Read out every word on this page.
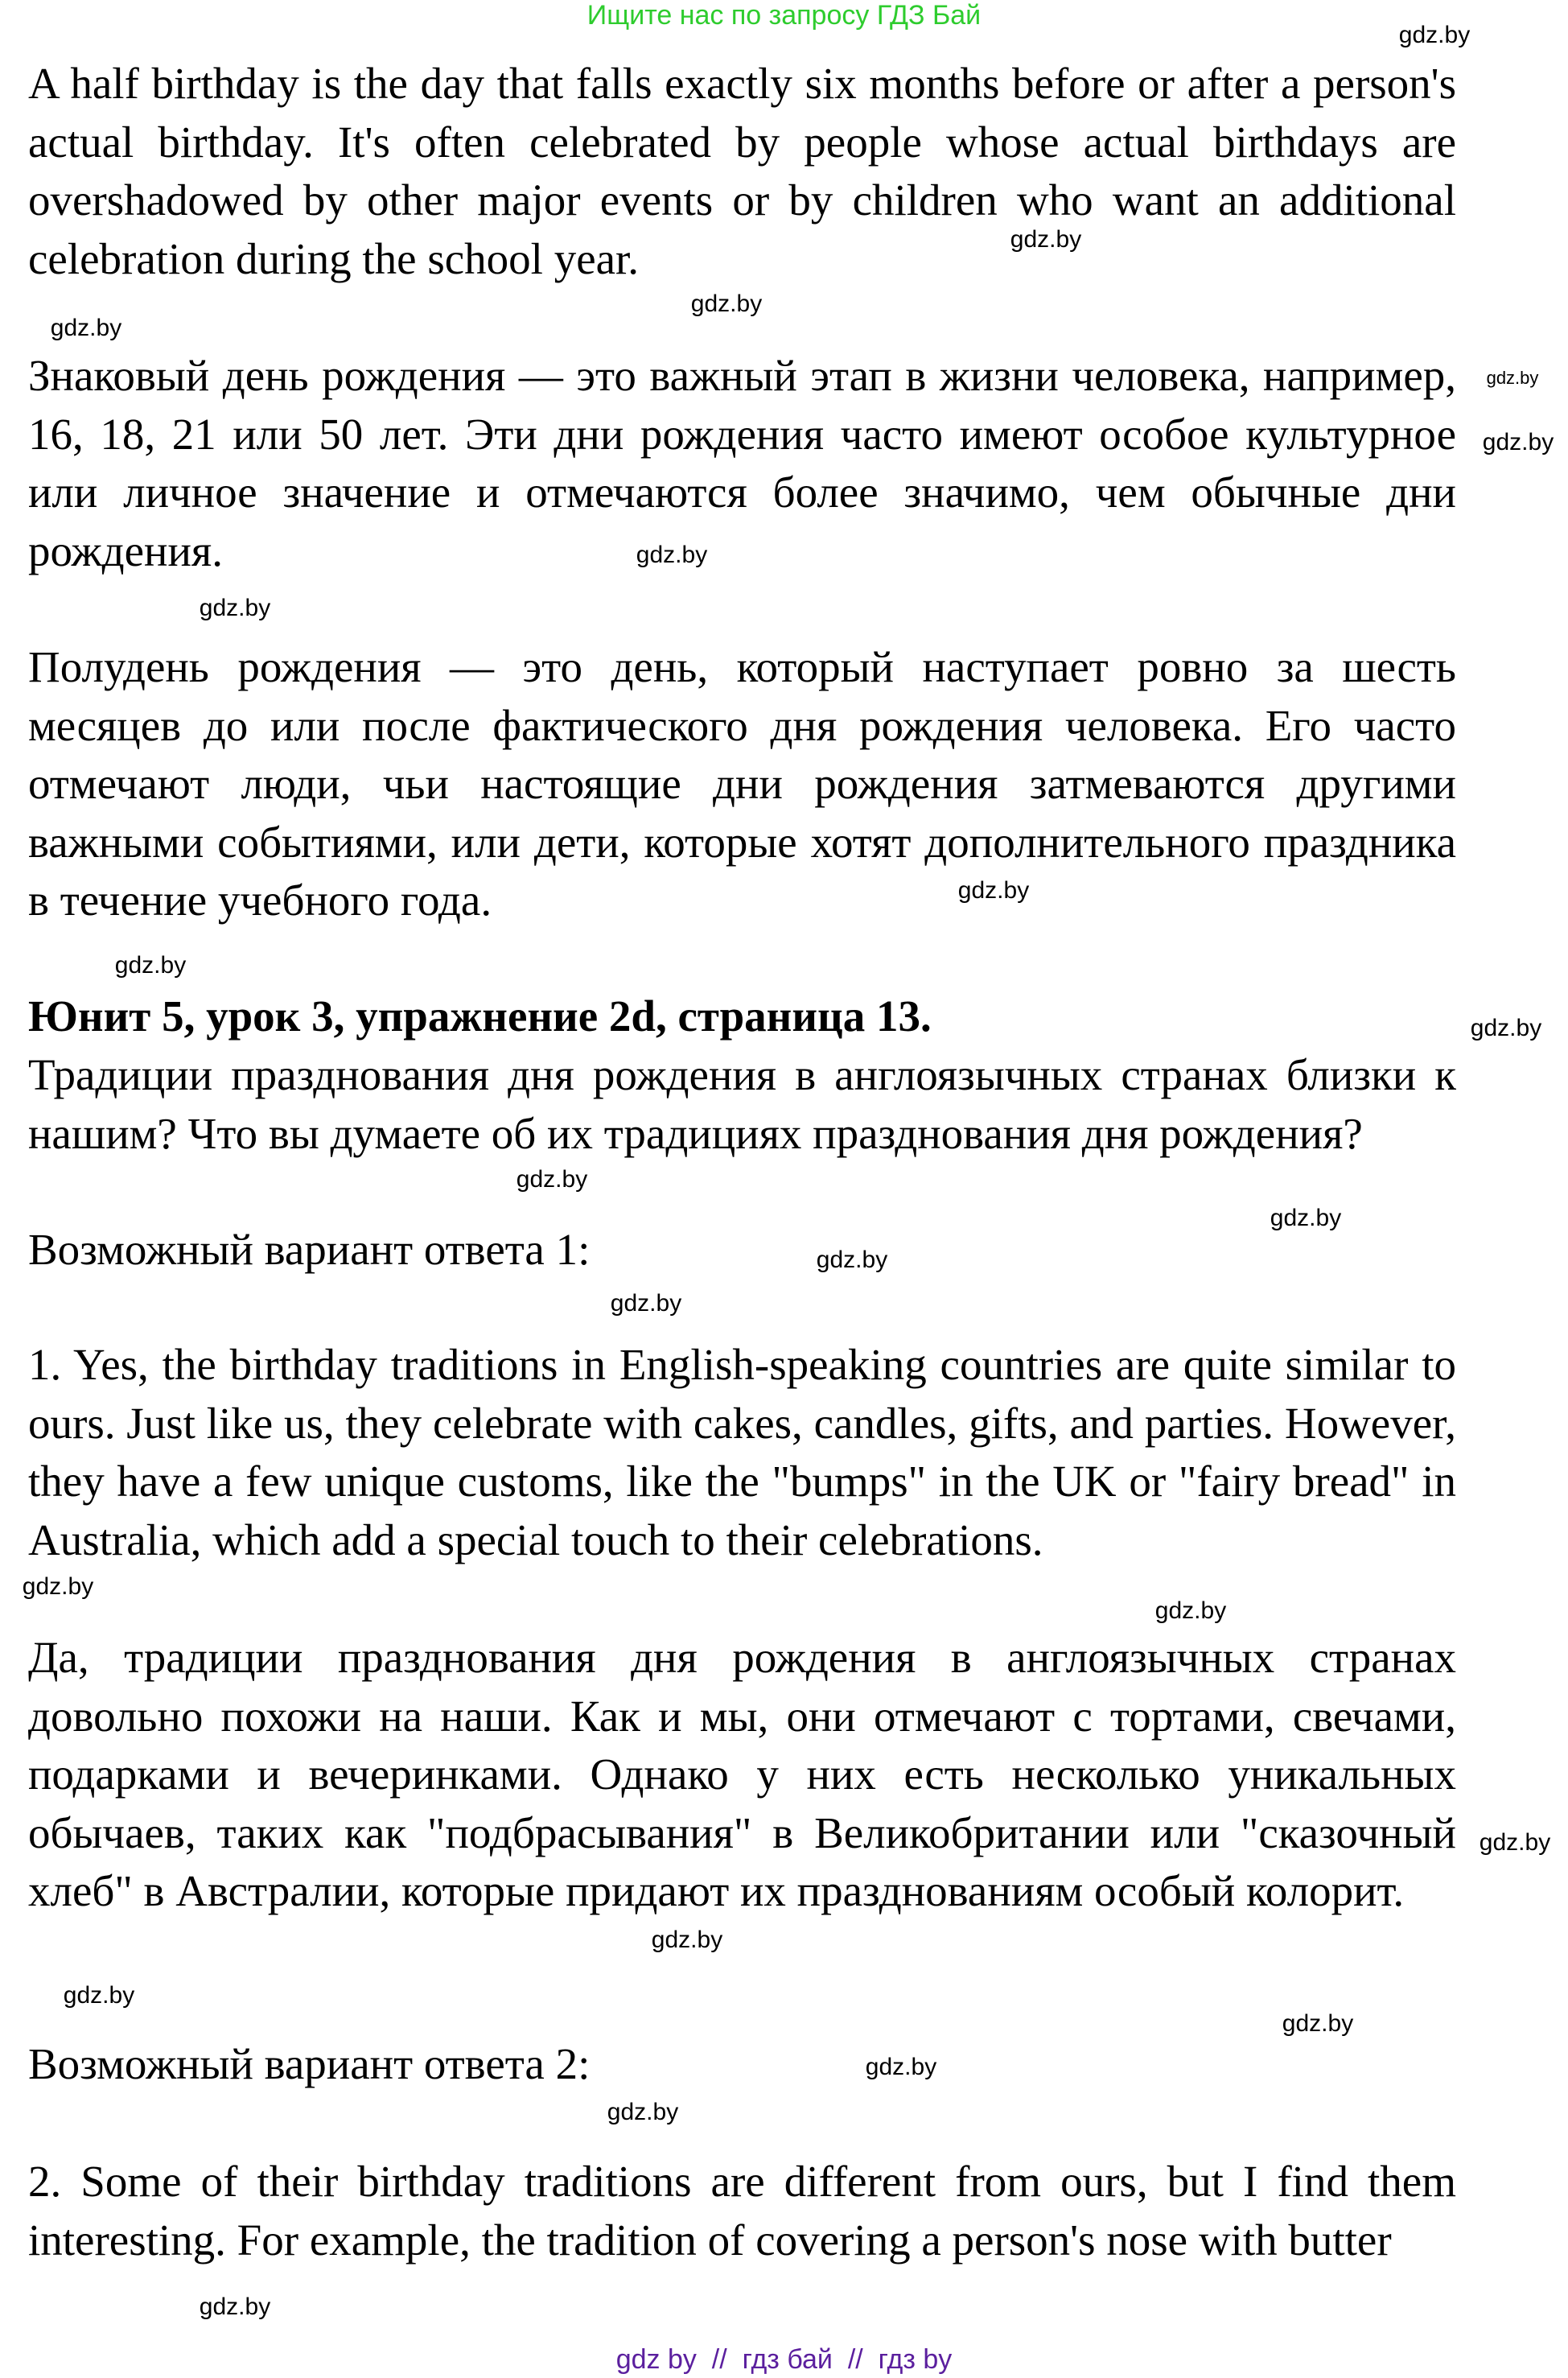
Ищите нас по запросу ГДЗ Бай
A half birthday is the day that falls exactly six months before or after a person's actual birthday. It's often celebrated by people whose actual birthdays are overshadowed by other major events or by children who want an additional celebration during the school year.
Знаковый день рождения — это важный этап в жизни человека, например, 16, 18, 21 или 50 лет. Эти дни рождения часто имеют особое культурное или личное значение и отмечаются более значимо, чем обычные дни рождения.
Полудень рождения — это день, который наступает ровно за шесть месяцев до или после фактического дня рождения человека. Его часто отмечают люди, чьи настоящие дни рождения затмеваются другими важными событиями, или дети, которые хотят дополнительного праздника в течение учебного года.
Юнит 5, урок 3, упражнение 2d, страница 13.
Традиции празднования дня рождения в англоязычных странах близки к нашим? Что вы думаете об их традициях празднования дня рождения?
Возможный вариант ответа 1:
1. Yes, the birthday traditions in English-speaking countries are quite similar to ours. Just like us, they celebrate with cakes, candles, gifts, and parties. However, they have a few unique customs, like the "bumps" in the UK or "fairy bread" in Australia, which add a special touch to their celebrations.
Да, традиции празднования дня рождения в англоязычных странах довольно похожи на наши. Как и мы, они отмечают с тортами, свечами, подарками и вечеринками. Однако у них есть несколько уникальных обычаев, таких как "подбрасывания" в Великобритании или "сказочный хлеб" в Австралии, которые придают их празднованиям особый колорит.
Возможный вариант ответа 2:
2. Some of their birthday traditions are different from ours, but I find them interesting. For example, the tradition of covering a person's nose with butter
gdz.by
gdz.by
gdz.by
gdz.by
gdz.by
gdz.by
gdz.by
gdz.by
gdz.by
gdz.by
gdz.by
gdz.by
gdz.by
gdz.by
gdz.by
gdz.by
gdz.by
gdz.by
gdz.by
gdz.by
gdz.by
gdz.by
gdz.by
gdz.by
gdz by  //  гдз бай  //  гдз by
